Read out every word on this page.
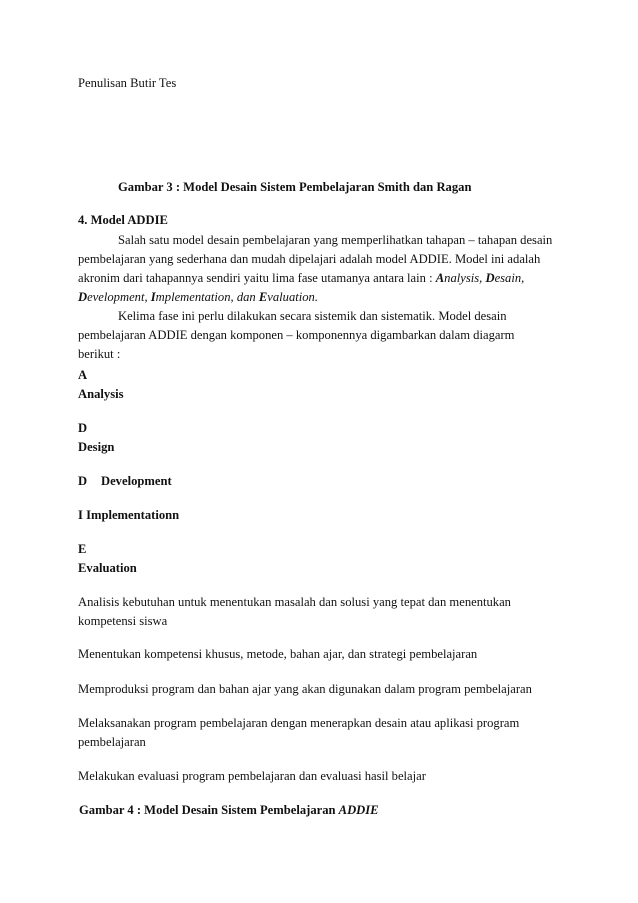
Penulisan Butir Tes
Gambar 3 : Model Desain Sistem Pembelajaran Smith dan Ragan
4. Model ADDIE
Salah satu model desain pembelajaran yang memperlihatkan tahapan – tahapan desain
pembelajaran yang sederhana dan mudah dipelajari adalah model ADDIE. Model ini adalah
akronim dari tahapannya sendiri yaitu lima fase utamanya antara lain : Analysis, Desain,
Development, Implementation, dan Evaluation.
Kelima fase ini perlu dilakukan secara sistemik dan sistematik. Model desain
pembelajaran ADDIE dengan komponen – komponennya digambarkan dalam diagarm
berikut :
A
Analysis
D
Design
D Development
I Implementationn
E
Evaluation
Analisis kebutuhan untuk menentukan masalah dan solusi yang tepat dan menentukan
kompetensi siswa
Menentukan kompetensi khusus, metode, bahan ajar, dan strategi pembelajaran
Memproduksi program dan bahan ajar yang akan digunakan dalam program pembelajaran
Melaksanakan program pembelajaran dengan menerapkan desain atau aplikasi program
pembelajaran
Melakukan evaluasi program pembelajaran dan evaluasi hasil belajar
Gambar 4 : Model Desain Sistem Pembelajaran ADDIE
